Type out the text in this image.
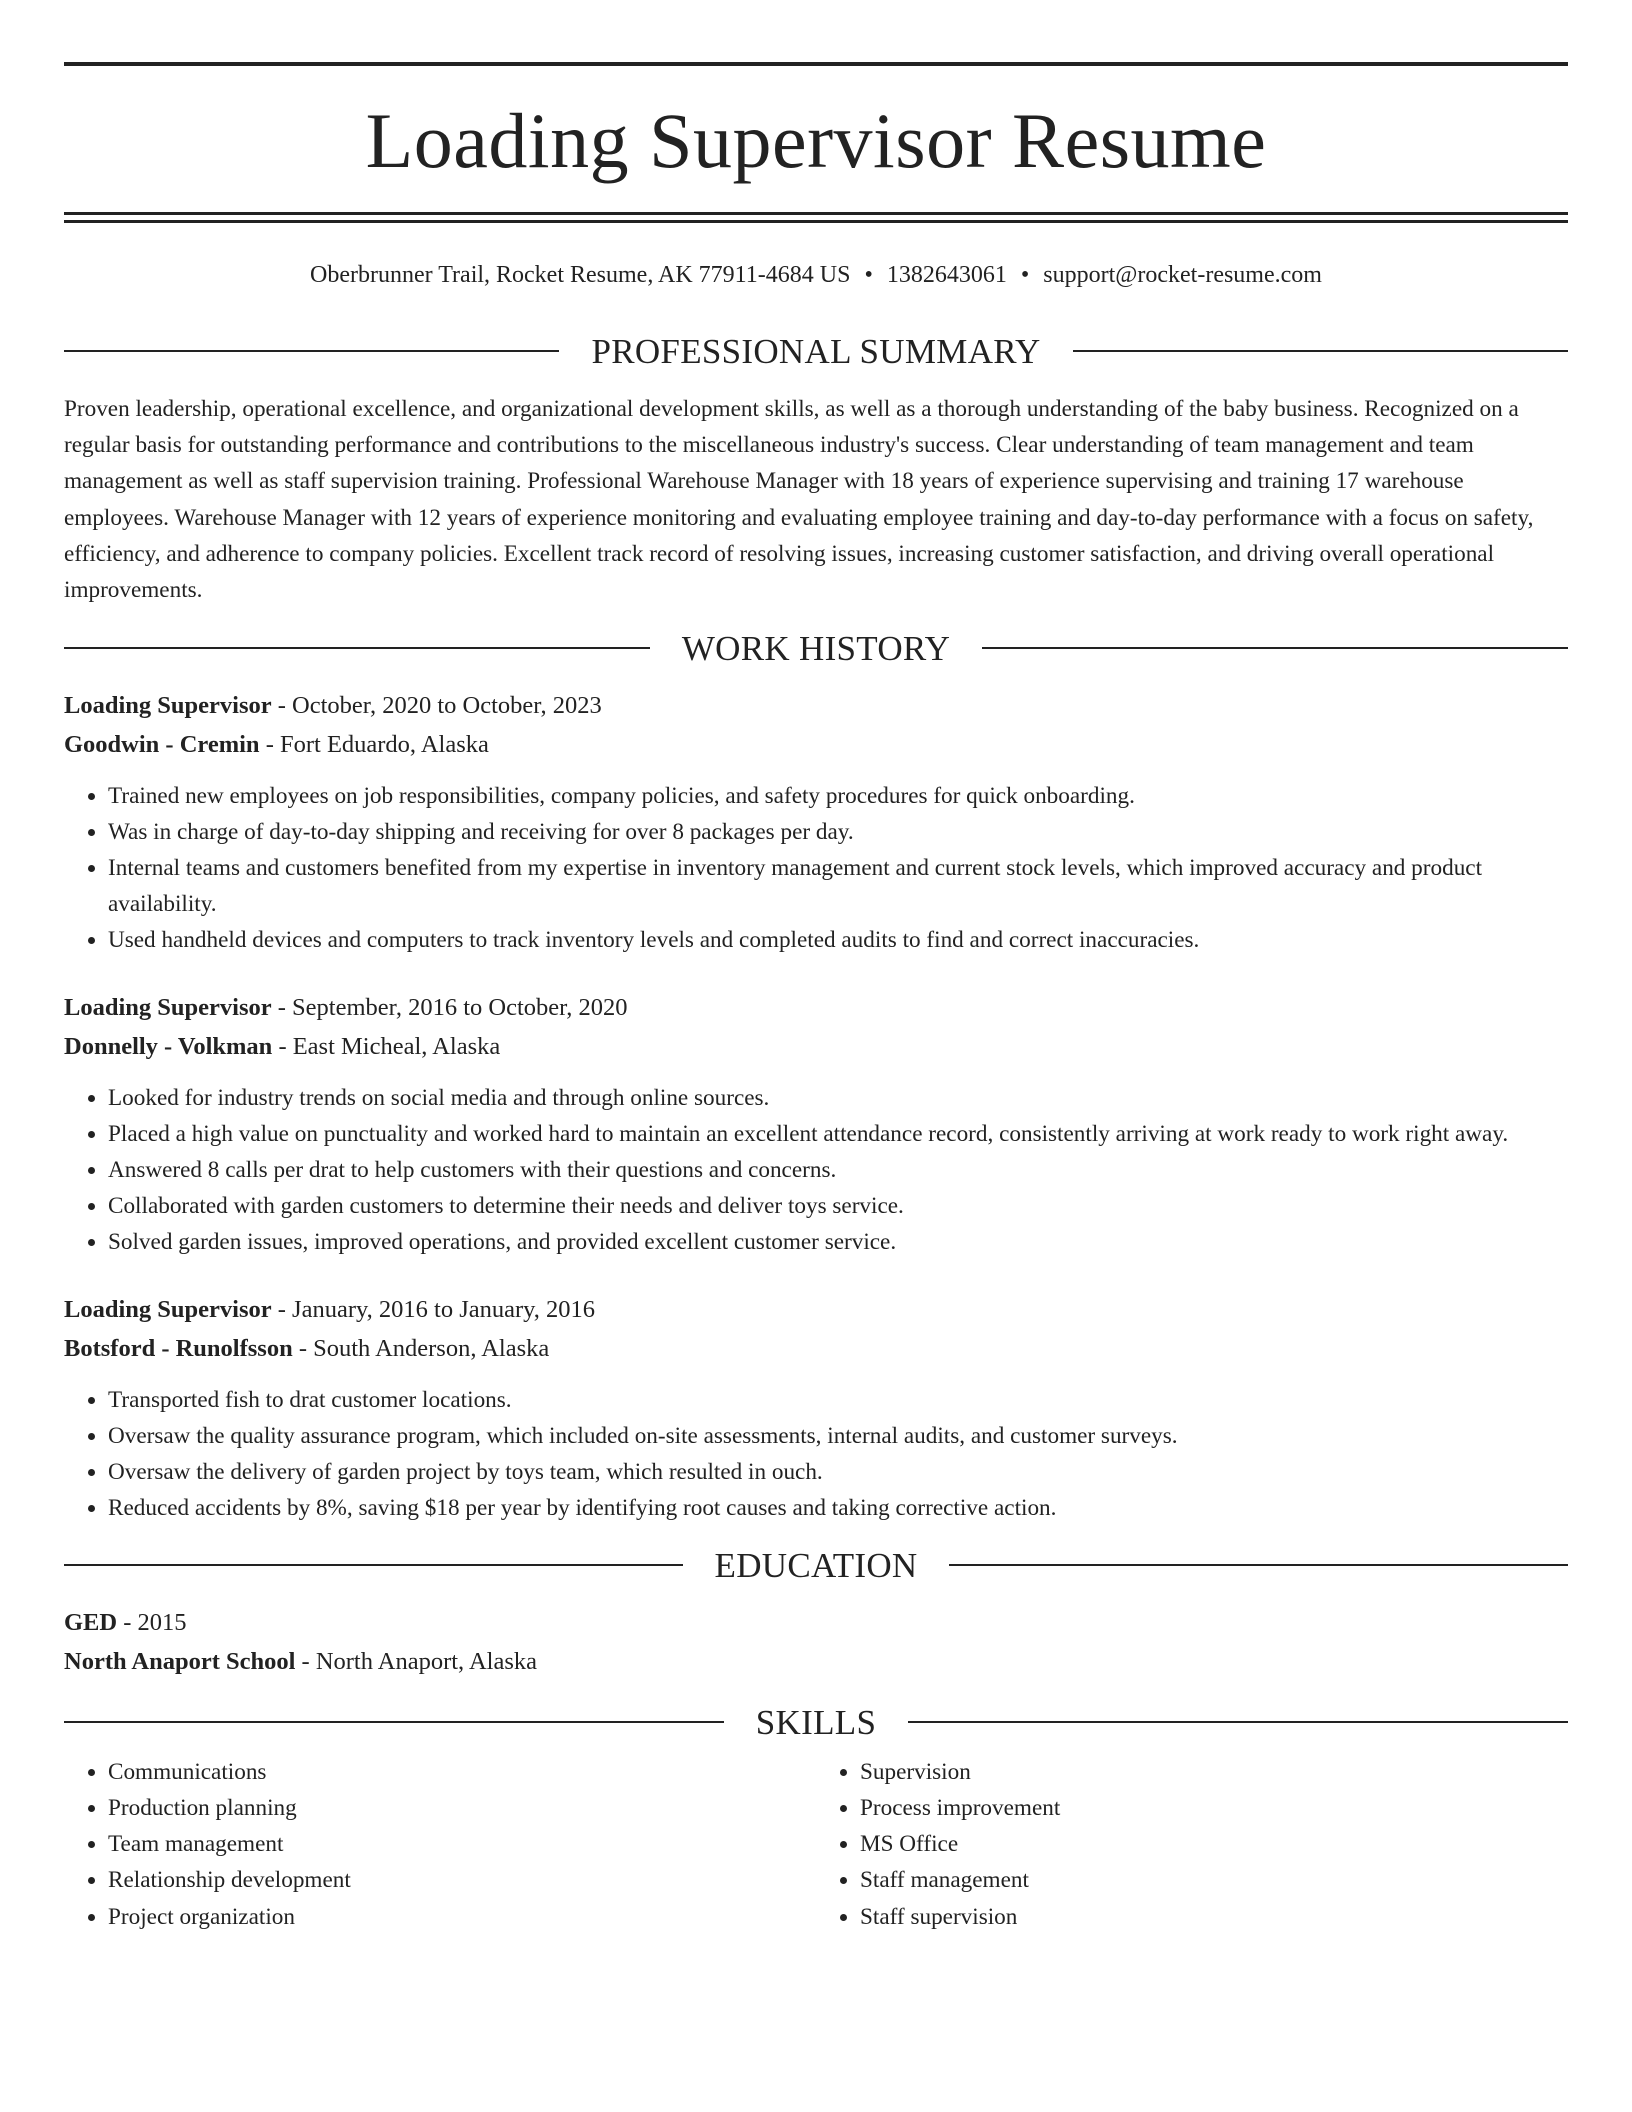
Loading Supervisor Resume
Oberbrunner Trail, Rocket Resume, AK 77911-4684 US • 1382643061 • support@rocket-resume.com
PROFESSIONAL SUMMARY

Proven leadership, operational excellence, and organizational development skills, as well as a thorough understanding of the baby business. Recognized on a regular basis for outstanding performance and contributions to the miscellaneous industry's success. Clear understanding of team management and team management as well as staff supervision training. Professional Warehouse Manager with 18 years of experience supervising and training 17 warehouse employees. Warehouse Manager with 12 years of experience monitoring and evaluating employee training and day-to-day performance with a focus on safety, efficiency, and adherence to company policies. Excellent track record of resolving issues, increasing customer satisfaction, and driving overall operational improvements.

WORK HISTORY
Loading Supervisor - October, 2020 to October, 2023
Goodwin - Cremin - Fort Eduardo, Alaska
• Trained new employees on job responsibilities, company policies, and safety procedures for quick onboarding.
• Was in charge of day-to-day shipping and receiving for over 8 packages per day.
• Internal teams and customers benefited from my expertise in inventory management and current stock levels, which improved accuracy and product availability.
• Used handheld devices and computers to track inventory levels and completed audits to find and correct inaccuracies.
Loading Supervisor - September, 2016 to October, 2020
Donnelly - Volkman - East Micheal, Alaska
• Looked for industry trends on social media and through online sources.
• Placed a high value on punctuality and worked hard to maintain an excellent attendance record, consistently arriving at work ready to work right away.
• Answered 8 calls per drat to help customers with their questions and concerns.
• Collaborated with garden customers to determine their needs and deliver toys service.
• Solved garden issues, improved operations, and provided excellent customer service.
Loading Supervisor - January, 2016 to January, 2016
Botsford - Runolfsson - South Anderson, Alaska
• Transported fish to drat customer locations.
• Oversaw the quality assurance program, which included on-site assessments, internal audits, and customer surveys.
• Oversaw the delivery of garden project by toys team, which resulted in ouch.
• Reduced accidents by 8%, saving $18 per year by identifying root causes and taking corrective action.
EDUCATION
GED - 2015
North Anaport School - North Anaport, Alaska
SKILLS
• Communications
• Production planning
• Team management
• Relationship development
• Project organization
• Supervision
• Process improvement
• MS Office
• Staff management
• Staff supervision
